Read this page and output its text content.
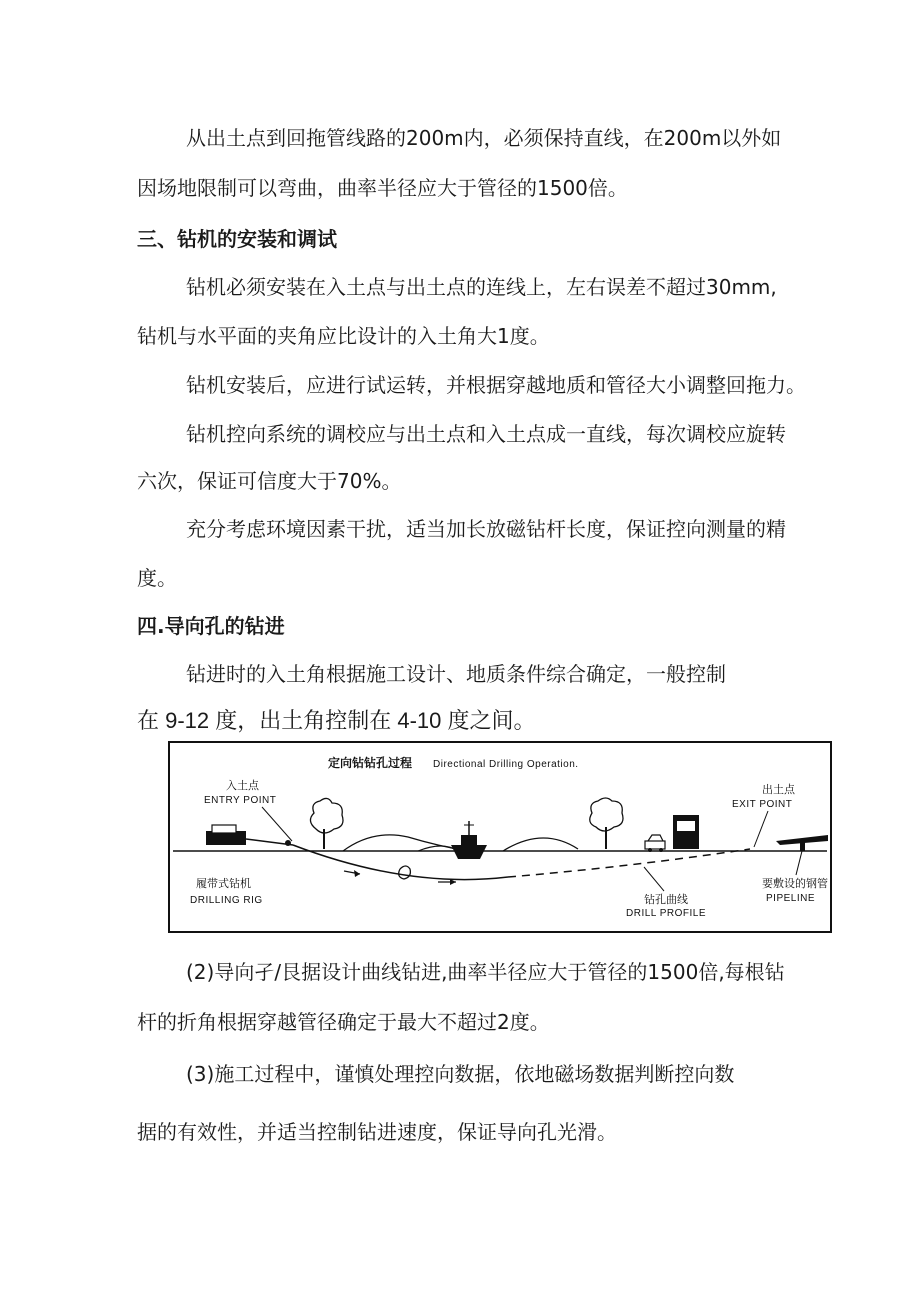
从出土点到回拖管线路的200m内，必须保持直线，在200m以外如
因场地限制可以弯曲，曲率半径应大于管径的1500倍。
三、钻机的安装和调试
钻机必须安装在入土点与出土点的连线上，左右误差不超过30mm,
钻机与水平面的夹角应比设计的入土角大1度。
钻机安装后，应进行试运转，并根据穿越地质和管径大小调整回拖力。
钻机控向系统的调校应与出土点和入土点成一直线，每次调校应旋转
六次，保证可信度大于70%。
充分考虑环境因素干扰，适当加长放磁钻杆长度，保证控向测量的精
度。
四.导向孔的钻进
钻进时的入土角根据施工设计、地质条件综合确定，一般控制
在 9-12 度，出土角控制在 4-10 度之间。
定向钻钻孔过程 Directional Drilling Operation.
入土点
ENTRY POINT
出土点
EXIT POINT
履带式钻机
DRILLING RIG	钻孔曲线
DRILL PROFILE
要敷设的钢管
PIPELINE
(2)导向孑/艮据设计曲线钻进,曲率半径应大于管径的1500倍,每根钻
杆的折角根据穿越管径确定于最大不超过2度。
(3)施工过程中，谨慎处理控向数据，依地磁场数据判断控向数
据的有效性，并适当控制钻进速度，保证导向孔光滑。
